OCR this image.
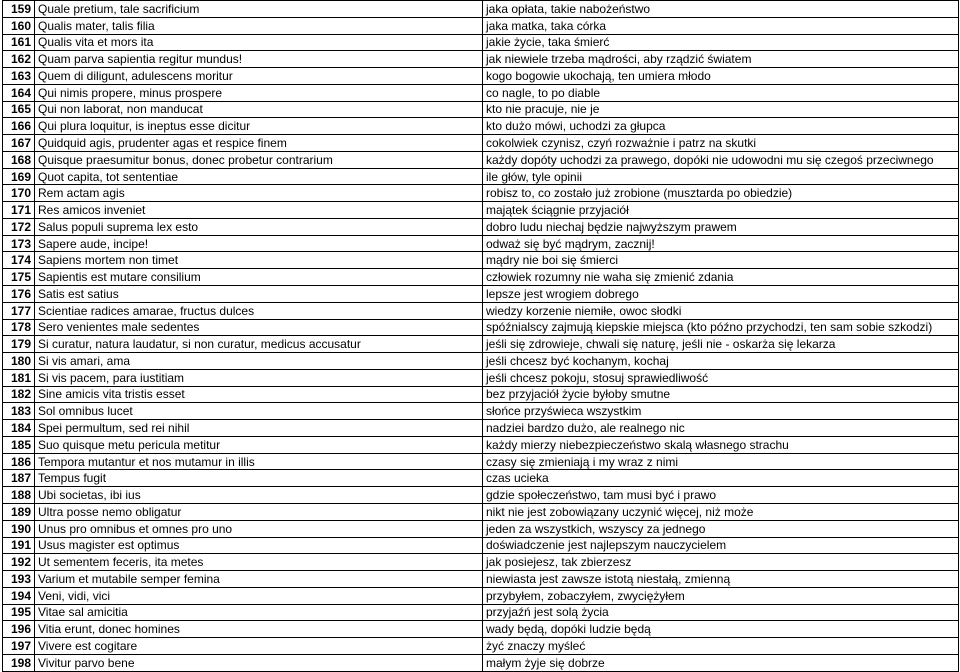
159	Quale pretium, tale sacrificium	jaka opłata, takie nabożeństwo
160	Qualis mater, talis filia	jaka matka, taka córka
161	Qualis vita et mors ita	jakie życie, taka śmierć
162	Quam parva sapientia regitur mundus!	jak niewiele trzeba mądrości, aby rządzić światem
163	Quem di diligunt, adulescens moritur	kogo bogowie ukochają, ten umiera młodo
164	Qui nimis propere, minus prospere	co nagle, to po diable
165	Qui non laborat, non manducat	kto nie pracuje, nie je
166	Qui plura loquitur, is ineptus esse dicitur	kto dużo mówi, uchodzi za głupca
167	Quidquid agis, prudenter agas et respice finem	cokolwiek czynisz, czyń rozważnie i patrz na skutki
168	Quisque praesumitur bonus, donec probetur contrarium	każdy dopóty uchodzi za prawego, dopóki nie udowodni mu się czegoś przeciwnego
169	Quot capita, tot sententiae	ile głów, tyle opinii
170	Rem actam agis	robisz to, co zostało już zrobione (musztarda po obiedzie)
171	Res amicos inveniet	majątek ściągnie przyjaciół
172	Salus populi suprema lex esto	dobro ludu niechaj będzie najwyższym prawem
173	Sapere aude, incipe!	odważ się być mądrym, zacznij!
174	Sapiens mortem non timet	mądry nie boi się śmierci
175	Sapientis est mutare consilium	człowiek rozumny nie waha się zmienić zdania
176	Satis est satius	lepsze jest wrogiem dobrego
177	Scientiae radices amarae, fructus dulces	wiedzy korzenie niemiłe, owoc słodki
178	Sero venientes male sedentes	spóźnialscy zajmują kiepskie miejsca (kto późno przychodzi, ten sam sobie szkodzi)
179	Si curatur, natura laudatur, si non curatur, medicus accusatur	jeśli się zdrowieje, chwali się naturę, jeśli nie - oskarża się lekarza
180	Si vis amari, ama	jeśli chcesz być kochanym, kochaj
181	Si vis pacem, para iustitiam	jeśli chcesz pokoju, stosuj sprawiedliwość
182	Sine amicis vita tristis esset	bez przyjaciół życie byłoby smutne
183	Sol omnibus lucet	słońce przyświeca wszystkim
184	Spei permultum, sed rei nihil	nadziei bardzo dużo, ale realnego nic
185	Suo quisque metu pericula metitur	każdy mierzy niebezpieczeństwo skalą własnego strachu
186	Tempora mutantur et nos mutamur in illis	czasy się zmieniają i my wraz z nimi
187	Tempus fugit	czas ucieka
188	Ubi societas, ibi ius	gdzie społeczeństwo, tam musi być i prawo
189	Ultra posse nemo obligatur	nikt nie jest zobowiązany uczynić więcej, niż może
190	Unus pro omnibus et omnes pro uno	jeden za wszystkich, wszyscy za jednego
191	Usus magister est optimus	doświadczenie jest najlepszym nauczycielem
192	Ut sementem feceris, ita metes	jak posiejesz, tak zbierzesz
193	Varium et mutabile semper femina	niewiasta jest zawsze istotą niestałą, zmienną
194	Veni, vidi, vici	przybyłem, zobaczyłem, zwyciężyłem
195	Vitae sal amicitia	przyjaźń jest solą życia
196	Vitia erunt, donec homines	wady będą, dopóki ludzie będą
197	Vivere est cogitare	żyć znaczy myśleć
198	Vivitur parvo bene	małym żyje się dobrze
